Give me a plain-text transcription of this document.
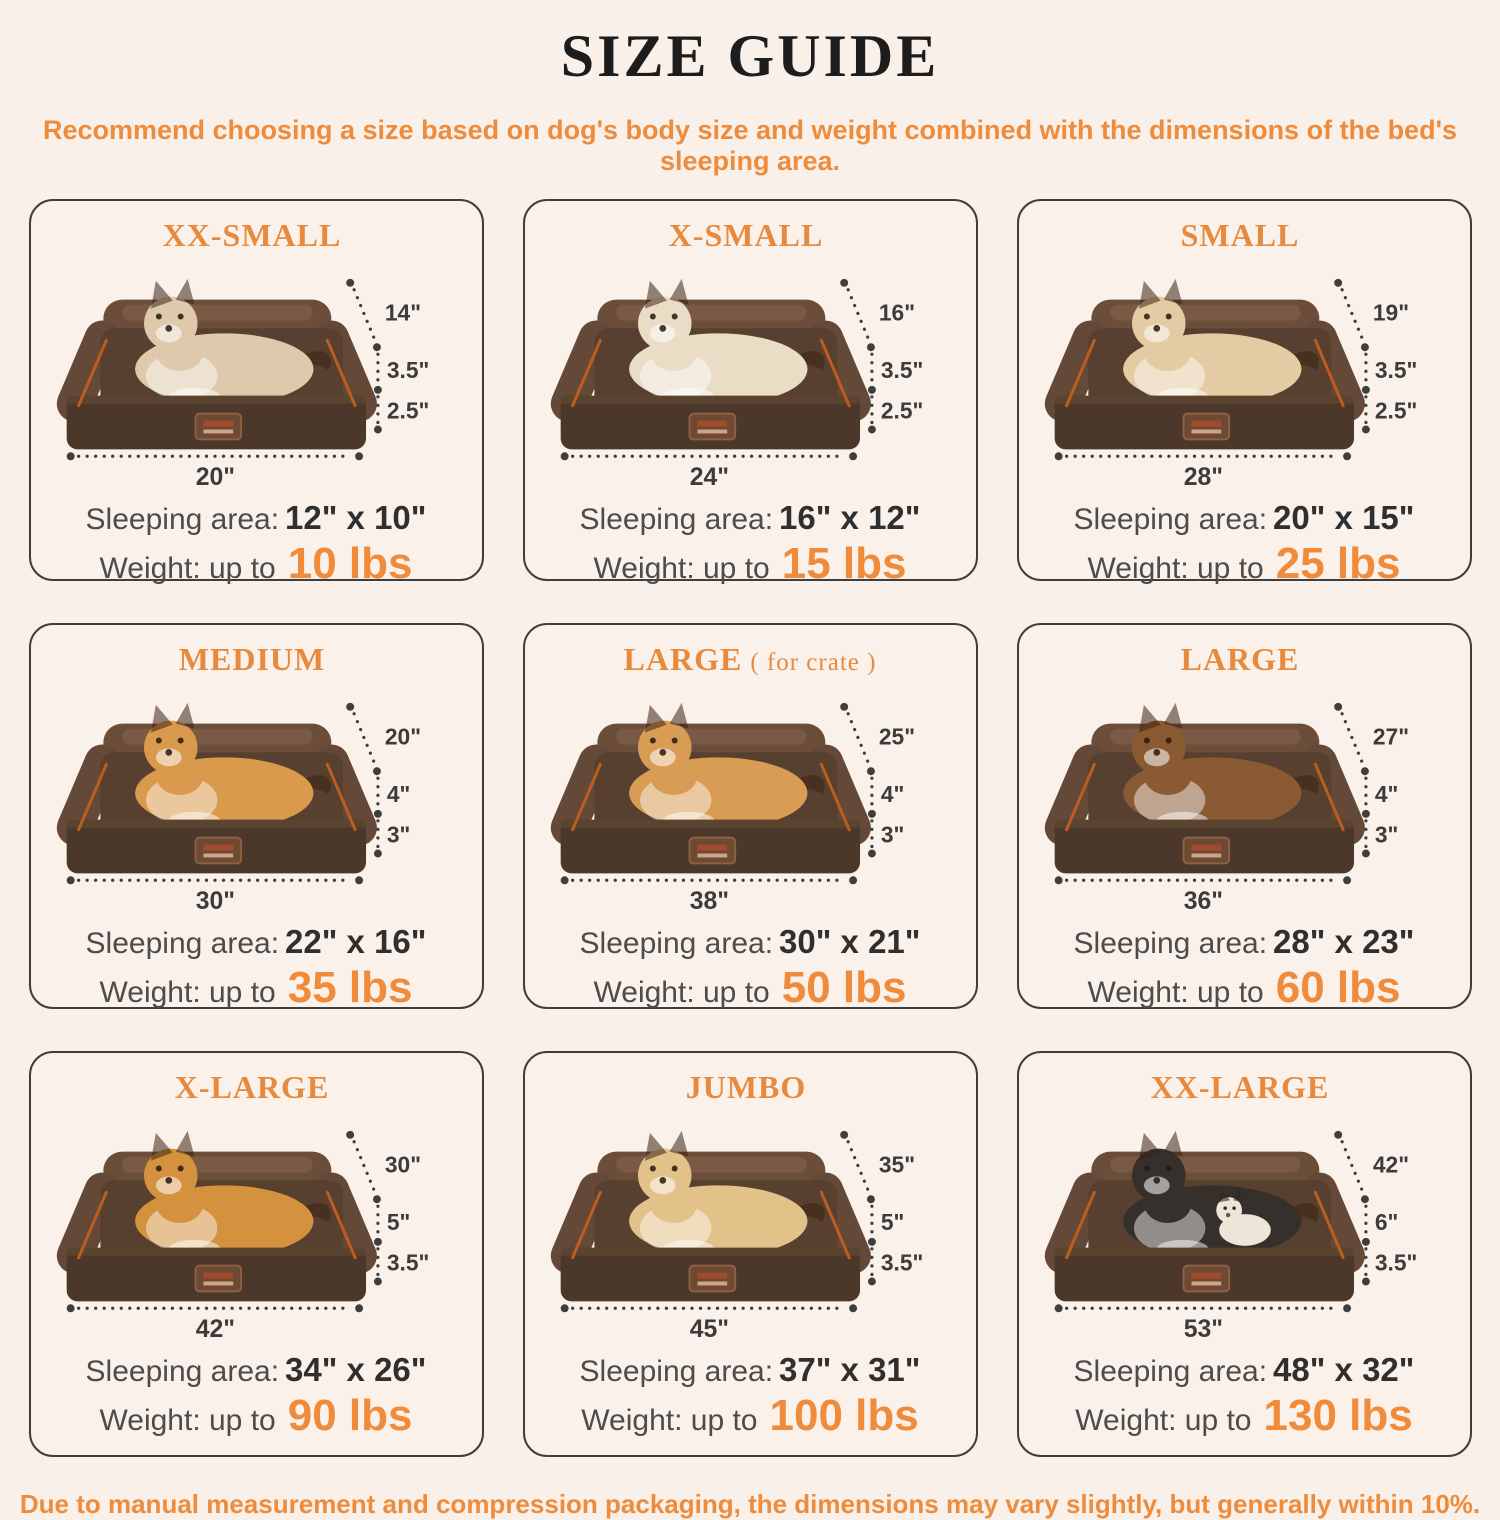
SIZE GUIDE
Recommend choosing a size based on dog's body size and weight combined with the dimensions of the bed's sleeping area.
XX-SMALL
14"
3.5"
2.5"
20"

Sleeping area: 12" x 10"

Weight: up to 10 lbs

X-SMALL
16"
3.5"
2.5"
24"

Sleeping area: 16" x 12"

Weight: up to 15 lbs

SMALL
19"
3.5"
2.5"
28"

Sleeping area: 20" x 15"

Weight: up to 25 lbs

MEDIUM
20"
4"
3"
30"

Sleeping area: 22" x 16"

Weight: up to 35 lbs

LARGE ( for crate )
25"
4"
3"
38"

Sleeping area: 30" x 21"

Weight: up to 50 lbs

LARGE
27"
4"
3"
36"

Sleeping area: 28" x 23"

Weight: up to 60 lbs

X-LARGE
30"
5"
3.5"
42"

Sleeping area: 34" x 26"

Weight: up to 90 lbs

JUMBO
35"
5"
3.5"
45"

Sleeping area: 37" x 31"

Weight: up to 100 lbs

XX-LARGE
42"
6"
3.5"
53"

Sleeping area: 48" x 32"

Weight: up to 130 lbs

Due to manual measurement and compression packaging, the dimensions may vary slightly, but generally within 10%.
